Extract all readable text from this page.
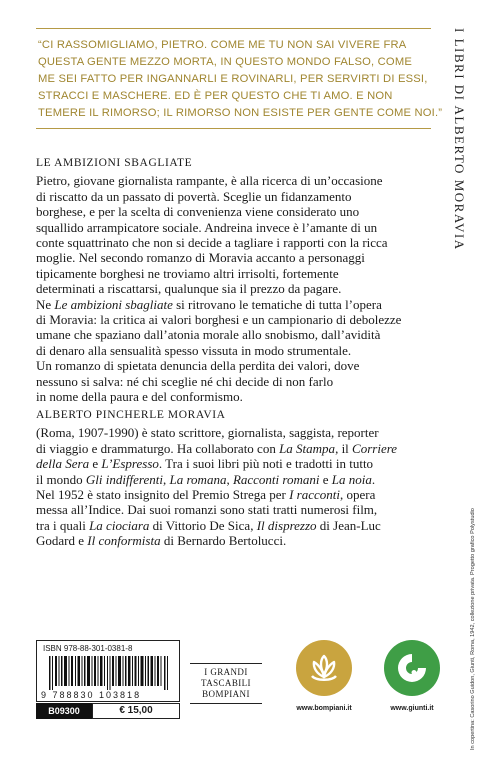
“CI RASSOMIGLIAMO, PIETRO. COME ME TU NON SAI VIVERE FRA
QUESTA GENTE MEZZO MORTA, IN QUESTO MONDO FALSO, COME
ME SEI FATTO PER INGANNARLI E ROVINARLI, PER SERVIRTI DI ESSI,
STRACCI E MASCHERE. ED È PER QUESTO CHE TI AMO. E NON
TEMERE IL RIMORSO; IL RIMORSO NON ESISTE PER GENTE COME NOI.” I LIBRI DI ALBERTO MORAVIA
In copertina: Casorino Guidon, Giunti, Roma, 1942, collezione privata. Progetto grafico Polystudio

LE AMBIZIONI SBAGLIATE

Pietro, giovane giornalista rampante, è alla ricerca di un’occasione

di riscatto da un passato di povertà. Sceglie un fidanzamento

borghese, e per la scelta di convenienza viene considerato uno

squallido arrampicatore sociale. Andreina invece è l’amante di un

conte squattrinato che non si decide a tagliare i rapporti con la ricca

moglie. Nel secondo romanzo di Moravia accanto a personaggi

tipicamente borghesi ne troviamo altri irrisolti, fortemente

determinati a riscattarsi, qualunque sia il prezzo da pagare.

Ne Le ambizioni sbagliate si ritrovano le tematiche di tutta l’opera

di Moravia: la critica ai valori borghesi e un campionario di debolezze

umane che spaziano dall’atonia morale allo snobismo, dall’avidità

di denaro alla sensualità spesso vissuta in modo strumentale.

Un romanzo di spietata denuncia della perdita dei valori, dove

nessuno si salva: né chi sceglie né chi decide di non farlo

in nome della paura e del conformismo.

ALBERTO PINCHERLE MORAVIA

(Roma, 1907-1990) è stato scrittore, giornalista, saggista, reporter

di viaggio e drammaturgo. Ha collaborato con La Stampa, il Corriere

della Sera e L’Espresso. Tra i suoi libri più noti e tradotti in tutto

il mondo Gli indifferenti, La romana, Racconti romani e La noia.

Nel 1952 è stato insignito del Premio Strega per I racconti, opera

messa all’Indice. Dai suoi romanzi sono stati tratti numerosi film,

tra i quali La ciociara di Vittorio De Sica, Il disprezzo di Jean-Luc

Godard e Il conformista di Bernardo Bertolucci.

ISBN 978-88-301-0381-8
9 788830 103818
B09300	€ 15,00
I GRANDI
TASCABILI
BOMPIANI
www.bompiani.it	www.giunti.it
